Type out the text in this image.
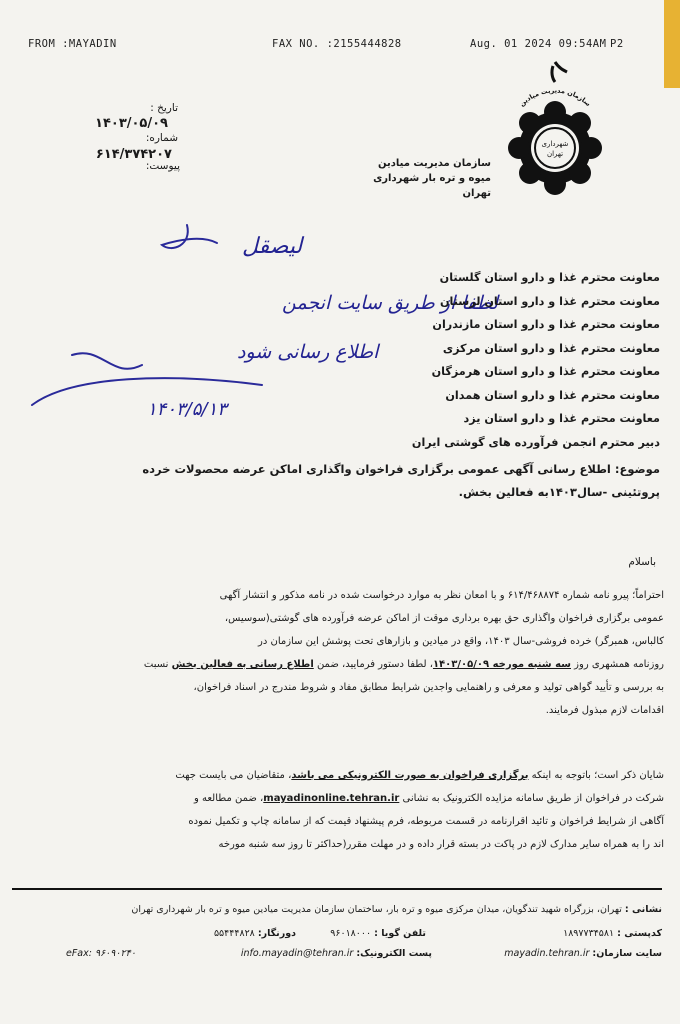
FROM :MAYADIN	FAX NO. :2155444828	Aug. 01 2024 09:54AM P2
شهرداری
تهران
سازمان مدیریت میادین
سازمان مدیریت میادین
میوه و تره بار شهرداری تهران
تاریخ :
۱۴۰۳/۰۵/۰۹
شماره:
۶۱۴/۳۷۴۲۰۷
پیوست:
لیصقل
لطفا از طریق سایت انجمن
اطلاع رسانی شود
۱۴۰۳/۵/۱۳
معاونت محترم غذا و دارو استان گلستان
معاونت محترم غذا و دارو استان لرستان
معاونت محترم غذا و دارو استان مازندران
معاونت محترم غذا و دارو استان مرکزی
معاونت محترم غذا و دارو استان هرمزگان
معاونت محترم غذا و دارو استان همدان
معاونت محترم غذا و دارو استان یزد
دبیر محترم انجمن فرآورده های گوشتی ایران
موضوع: اطلاع رسانی آگهی عمومی برگزاری فراخوان واگذاری اماکن عرضه محصولات خرده
پروتئینی -سال۱۴۰۳به فعالین بخش.
باسلام
احتراماً؛ پیرو نامه شماره ۶۱۴/۴۶۸۸۷۴ و با امعان نظر به موارد درخواست شده در نامه مذکور و انتشار آگهی
عمومی برگزاری فراخوان واگذاری حق بهره برداری موقت از اماکن عرضه فرآورده های گوشتی(سوسیس،
کالباس، همبرگر) خرده فروشی-سال ۱۴۰۳، واقع در میادین و بازارهای تحت پوشش این سازمان در
روزنامه همشهری روز سه شنبه مورخه ۱۴۰۳/۰۵/۰۹، لطفا دستور فرمایید، ضمن اطلاع رسانی به فعالین بخش نسبت
به بررسی و تأیید گواهی تولید و معرفی و راهنمایی واجدین شرایط مطابق مفاد و شروط مندرج در اسناد فراخوان،
اقدامات لازم مبذول فرمایند.
شایان ذکر است؛ باتوجه به اینکه برگزاری فراخوان به صورت الکترونیکی می باشد، متقاضیان می بایست جهت
شرکت در فراخوان از طریق سامانه مزایده الکترونیک به نشانی mayadinonline.tehran.ir، ضمن مطالعه و
آگاهی از شرایط فراخوان و تائید اقرارنامه در قسمت مربوطه، فرم پیشنهاد قیمت که از سامانه چاپ و تکمیل نموده
اند را به همراه سایر مدارک لازم در پاکت در بسته قرار داده و در مهلت مقرر(حداکثر تا روز سه شنبه مورخه
نشانی : تهران، بزرگراه شهید تندگویان، میدان مرکزی میوه و تره بار، ساختمان سازمان مدیریت میادین میوه و تره بار شهرداری تهران
کدپستی : ۱۸۹۷۷۳۴۵۸۱
تلفن گویا : ۹۶۰۱۸۰۰۰
دورنگار: ۵۵۴۴۴۸۲۸
سایت سازمان: mayadin.tehran.ir
پست الکترونیک: info.mayadin@tehran.ir
eFax: ۹۶۰۹۰۲۴۰
